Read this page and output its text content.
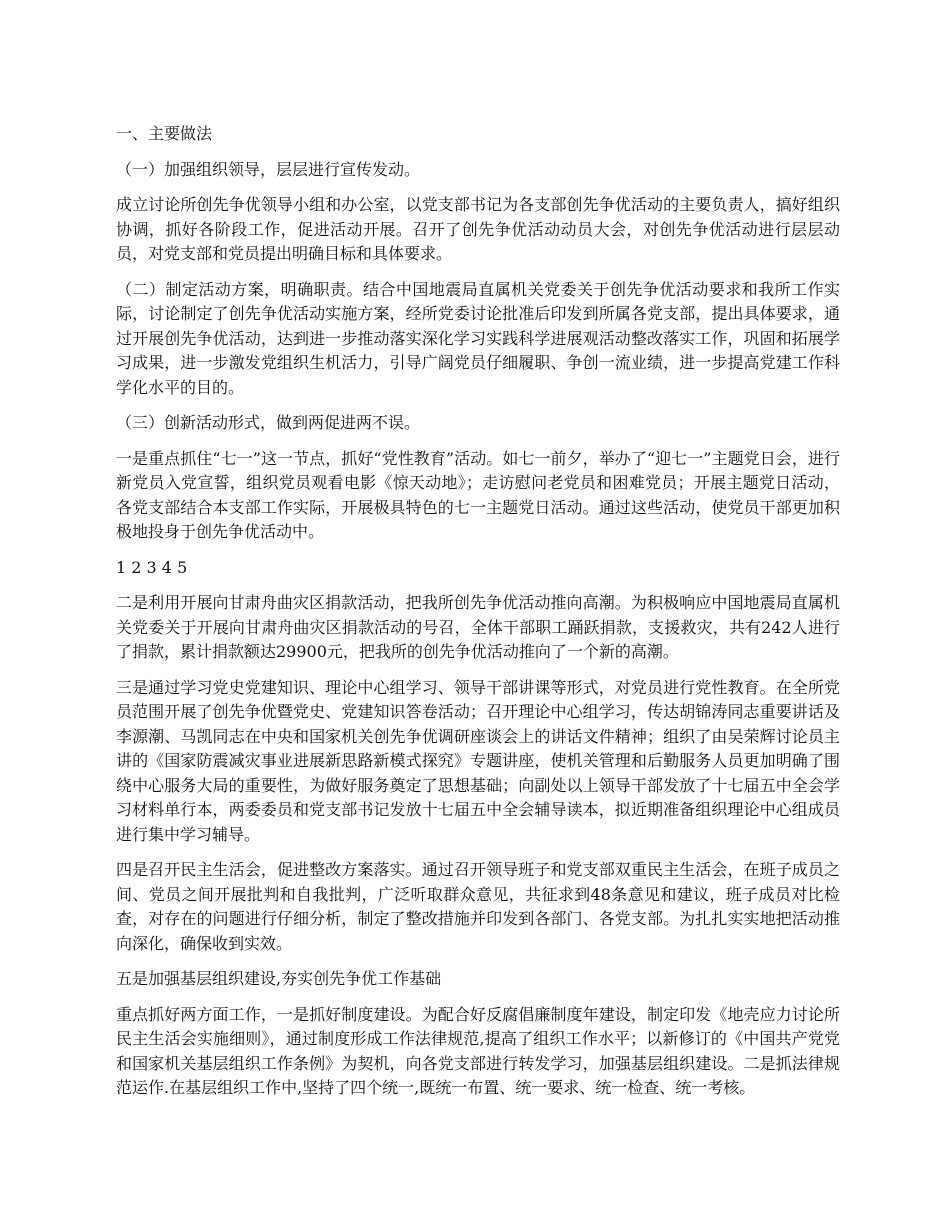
一、主要做法

（一）加强组织领导，层层进行宣传发动。

成立讨论所创先争优领导小组和办公室，以党支部书记为各支部创先争优活动的主要负责人，搞好组织协调，抓好各阶段工作，促进活动开展。召开了创先争优活动动员大会，对创先争优活动进行层层动员，对党支部和党员提出明确目标和具体要求。

（二）制定活动方案，明确职责。结合中国地震局直属机关党委关于创先争优活动要求和我所工作实际，讨论制定了创先争优活动实施方案，经所党委讨论批准后印发到所属各党支部，提出具体要求，通过开展创先争优活动，达到进一步推动落实深化学习实践科学进展观活动整改落实工作，巩固和拓展学习成果，进一步激发党组织生机活力，引导广阔党员仔细履职、争创一流业绩，进一步提高党建工作科学化水平的目的。

（三）创新活动形式，做到两促进两不误。

一是重点抓住“七一”这一节点，抓好“党性教育”活动。如七一前夕，举办了“迎七一”主题党日会，进行新党员入党宣誓，组织党员观看电影《惊天动地》；走访慰问老党员和困难党员；开展主题党日活动，各党支部结合本支部工作实际，开展极具特色的七一主题党日活动。通过这些活动，使党员干部更加积极地投身于创先争优活动中。

1 2 3 4 5

二是利用开展向甘肃舟曲灾区捐款活动，把我所创先争优活动推向高潮。为积极响应中国地震局直属机关党委关于开展向甘肃舟曲灾区捐款活动的号召，全体干部职工踊跃捐款，支援救灾，共有242人进行了捐款，累计捐款额达29900元，把我所的创先争优活动推向了一个新的高潮。

三是通过学习党史党建知识、理论中心组学习、领导干部讲课等形式，对党员进行党性教育。在全所党员范围开展了创先争优暨党史、党建知识答卷活动；召开理论中心组学习，传达胡锦涛同志重要讲话及李源潮、马凯同志在中央和国家机关创先争优调研座谈会上的讲话文件精神；组织了由吴荣辉讨论员主讲的《国家防震减灾事业进展新思路新模式探究》专题讲座，使机关管理和后勤服务人员更加明确了围绕中心服务大局的重要性，为做好服务奠定了思想基础；向副处以上领导干部发放了十七届五中全会学习材料单行本，两委委员和党支部书记发放十七届五中全会辅导读本，拟近期准备组织理论中心组成员进行集中学习辅导。

四是召开民主生活会，促进整改方案落实。通过召开领导班子和党支部双重民主生活会，在班子成员之间、党员之间开展批判和自我批判，广泛听取群众意见，共征求到48条意见和建议，班子成员对比检查，对存在的问题进行仔细分析，制定了整改措施并印发到各部门、各党支部。为扎扎实实地把活动推向深化，确保收到实效。

五是加强基层组织建设,夯实创先争优工作基础

重点抓好两方面工作，一是抓好制度建设。为配合好反腐倡廉制度年建设，制定印发《地壳应力讨论所民主生活会实施细则》，通过制度形成工作法律规范,提高了组织工作水平；以新修订的《中国共产党党和国家机关基层组织工作条例》为契机，向各党支部进行转发学习，加强基层组织建设。二是抓法律规范运作.在基层组织工作中,坚持了四个统一,既统一布置、统一要求、统一检查、统一考核。
